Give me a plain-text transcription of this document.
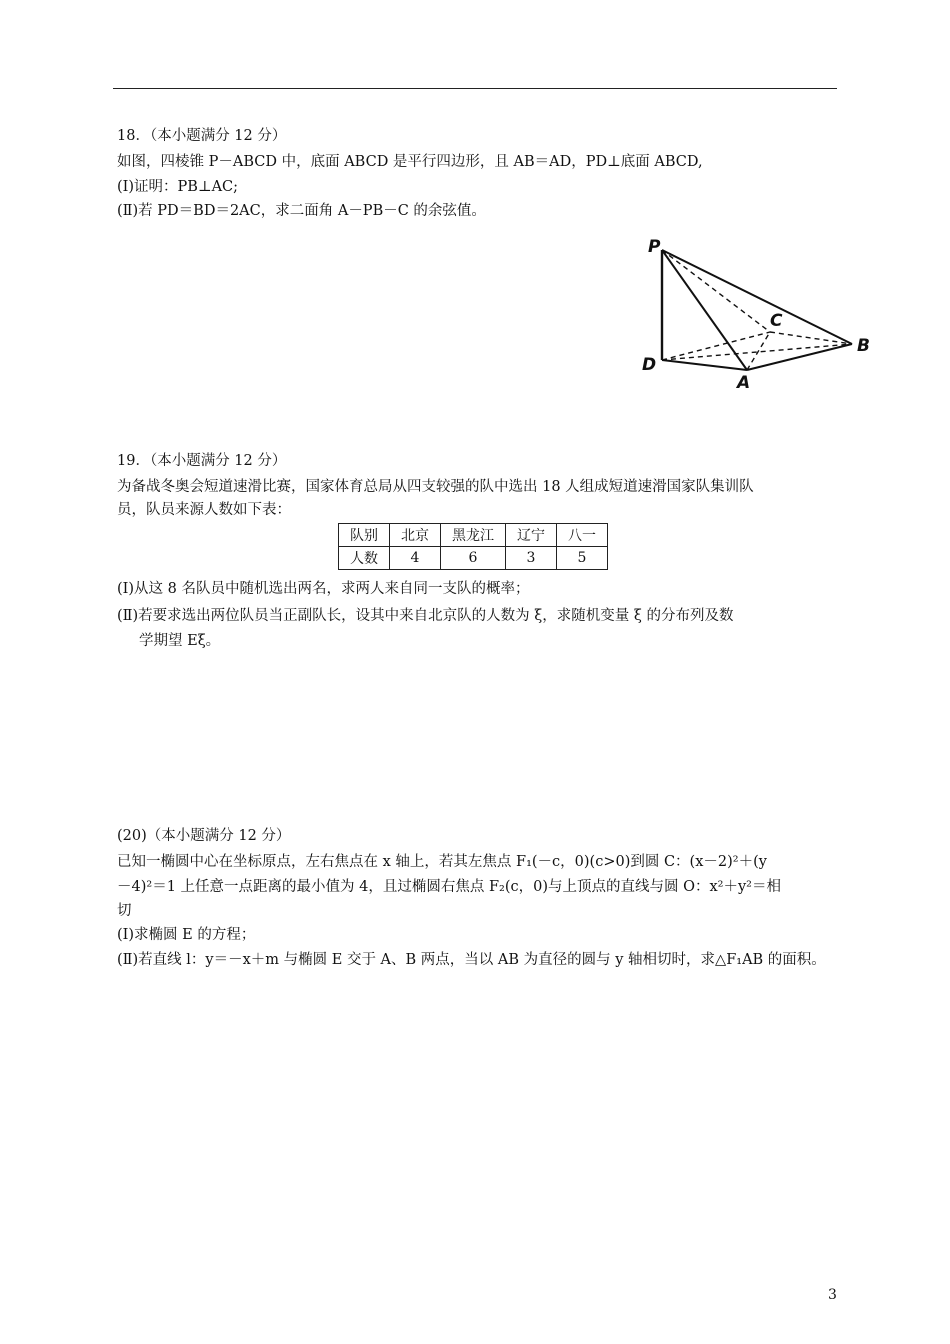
18．（本小题满分 12 分）
如图，四棱锥 P－ABCD 中，底面 ABCD 是平行四边形，且 AB＝AD，PD⊥底面 ABCD,
(Ⅰ)证明：PB⊥AC;
(Ⅱ)若 PD＝BD＝2AC，求二面角 A－PB－C 的余弦值。
P
C
B
D
A
19．（本小题满分 12 分）
为备战冬奥会短道速滑比赛，国家体育总局从四支较强的队中选出 18 人组成短道速滑国家队集训队
员，队员来源人数如下表：
队别	北京	黑龙江	辽宁	八一
人数	4	6	3	5
(Ⅰ)从这 8 名队员中随机选出两名，求两人来自同一支队的概率；
(Ⅱ)若要求选出两位队员当正副队长，设其中来自北京队的人数为 ξ，求随机变量 ξ 的分布列及数
学期望 Eξ。
(20)（本小题满分 12 分）
已知一椭圆中心在坐标原点，左右焦点在 x 轴上，若其左焦点 F₁(－c，0)(c>0)到圆 C：(x－2)²＋(y
－4)²＝1 上任意一点距离的最小值为 4，且过椭圆右焦点 F₂(c，0)与上顶点的直线与圆 O：x²＋y²＝相
切
(Ⅰ)求椭圆 E 的方程；
(Ⅱ)若直线 l：y＝－x＋m 与椭圆 E 交于 A、B 两点，当以 AB 为直径的圆与 y 轴相切时，求△F₁AB 的面积。
3
